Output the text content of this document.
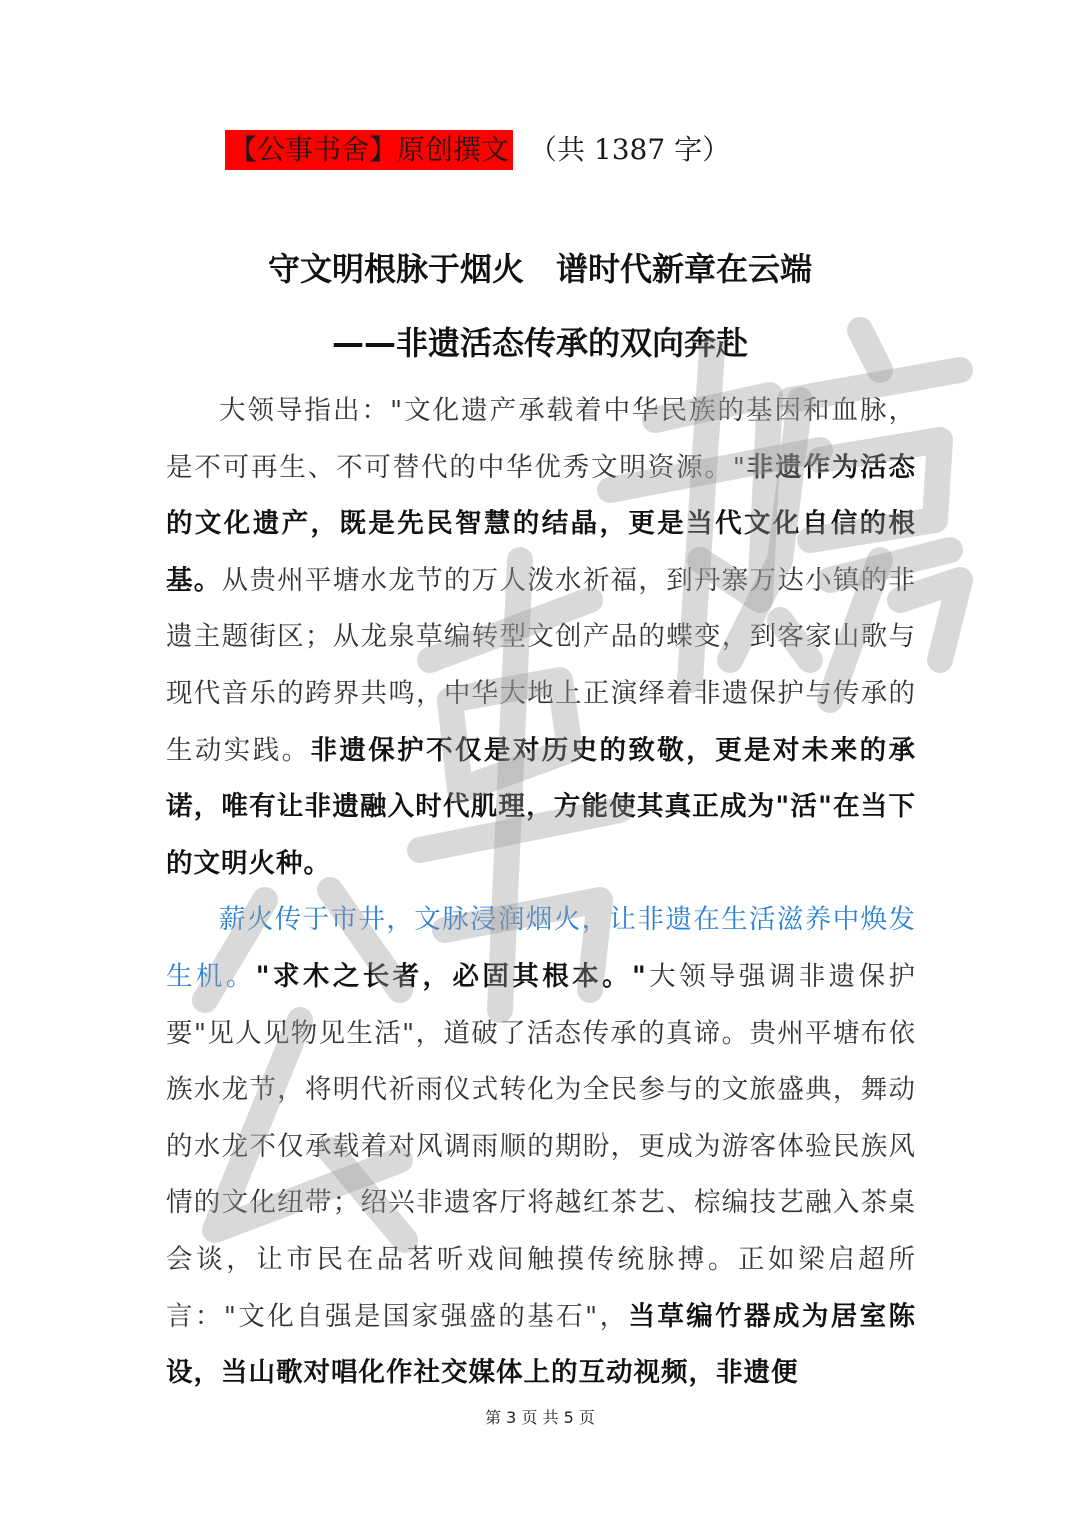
【公事书舍】原创撰文 （共 1387 字）
守文明根脉于烟火　谱时代新章在云端
——非遗活态传承的双向奔赴

大领导指出："文化遗产承载着中华民族的基因和血脉，是不可再生、不可替代的中华优秀文明资源。"非遗作为活态的文化遗产，既是先民智慧的结晶，更是当代文化自信的根基。从贵州平塘水龙节的万人泼水祈福，到丹寨万达小镇的非遗主题街区；从龙泉草编转型文创产品的蝶变，到客家山歌与现代音乐的跨界共鸣，中华大地上正演绎着非遗保护与传承的生动实践。非遗保护不仅是对历史的致敬，更是对未来的承诺，唯有让非遗融入时代肌理，方能使其真正成为"活"在当下的文明火种。

薪火传于市井，文脉浸润烟火，让非遗在生活滋养中焕发生机。"求木之长者，必固其根本。"大领导强调非遗保护要"见人见物见生活"，道破了活态传承的真谛。贵州平塘布依族水龙节，将明代祈雨仪式转化为全民参与的文旅盛典，舞动的水龙不仅承载着对风调雨顺的期盼，更成为游客体验民族风情的文化纽带；绍兴非遗客厅将越红茶艺、棕编技艺融入茶桌会谈，让市民在品茗听戏间触摸传统脉搏。正如梁启超所言："文化自强是国家强盛的基石"，当草编竹器成为居室陈设，当山歌对唱化作社交媒体上的互动视频，非遗便

第 3 页 共 5 页
